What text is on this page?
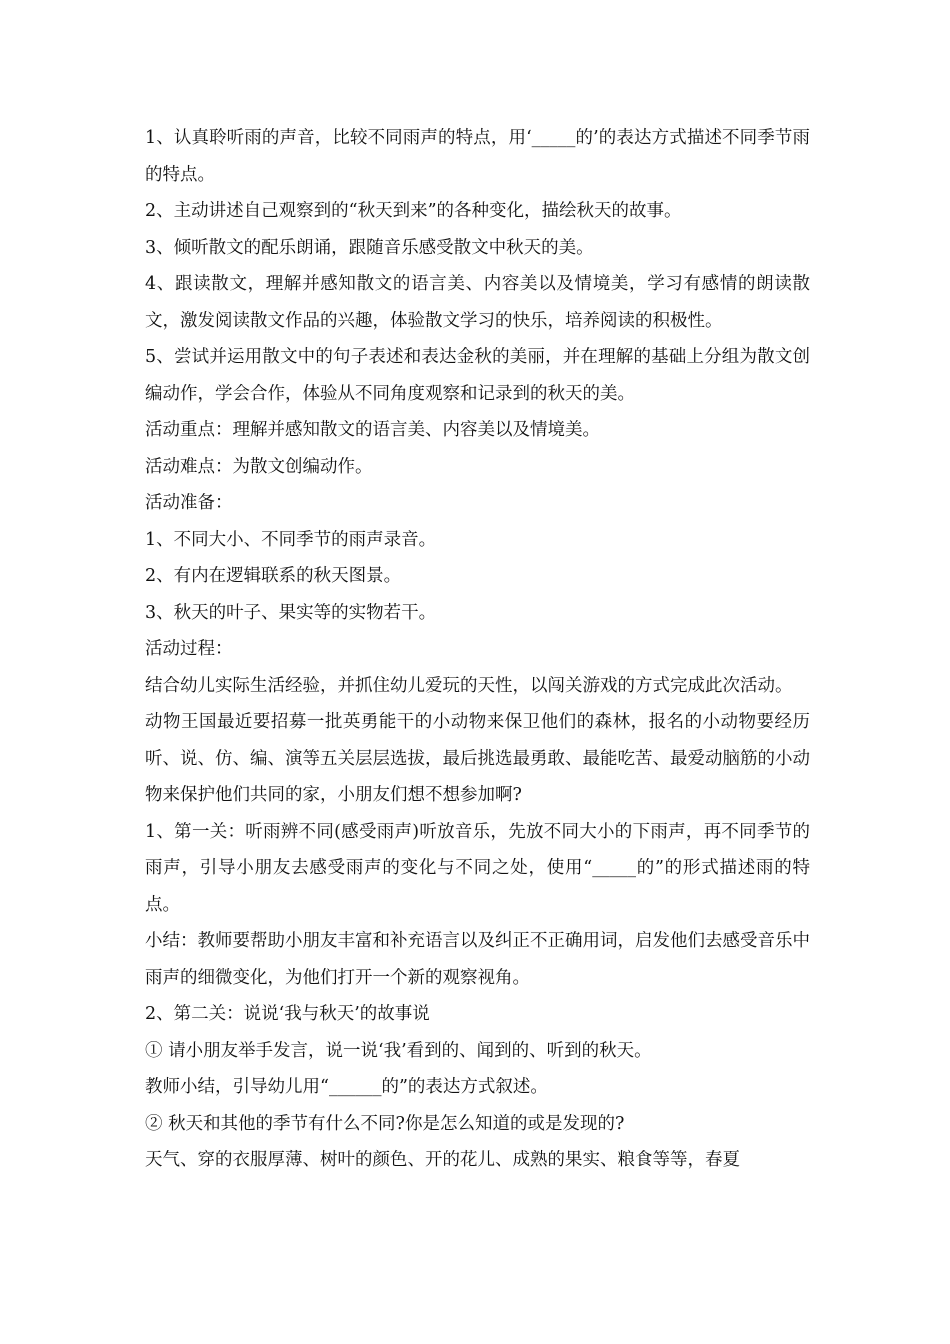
1、认真聆听雨的声音，比较不同雨声的特点，用‘_____的’的表达方式描述不同季节雨的特点。

2、主动讲述自己观察到的“秋天到来”的各种变化，描绘秋天的故事。

3、倾听散文的配乐朗诵，跟随音乐感受散文中秋天的美。

4、跟读散文，理解并感知散文的语言美、内容美以及情境美，学习有感情的朗读散文，激发阅读散文作品的兴趣，体验散文学习的快乐，培养阅读的积极性。

5、尝试并运用散文中的句子表述和表达金秋的美丽，并在理解的基础上分组为散文创编动作，学会合作，体验从不同角度观察和记录到的秋天的美。

活动重点：理解并感知散文的语言美、内容美以及情境美。

活动难点：为散文创编动作。

活动准备：

1、不同大小、不同季节的雨声录音。

2、有内在逻辑联系的秋天图景。

3、秋天的叶子、果实等的实物若干。

活动过程：

结合幼儿实际生活经验，并抓住幼儿爱玩的天性，以闯关游戏的方式完成此次活动。

动物王国最近要招募一批英勇能干的小动物来保卫他们的森林，报名的小动物要经历听、说、仿、编、演等五关层层选拔，最后挑选最勇敢、最能吃苦、最爱动脑筋的小动物来保护他们共同的家，小朋友们想不想参加啊?

1、第一关：听雨辨不同(感受雨声)听放音乐，先放不同大小的下雨声，再不同季节的雨声，引导小朋友去感受雨声的变化与不同之处，使用“_____的”的形式描述雨的特点。

小结：教师要帮助小朋友丰富和补充语言以及纠正不正确用词，启发他们去感受音乐中雨声的细微变化，为他们打开一个新的观察视角。

2、第二关：说说‘我与秋天’的故事说

① 请小朋友举手发言，说一说‘我’看到的、闻到的、听到的秋天。

教师小结，引导幼儿用“______的”的表达方式叙述。

② 秋天和其他的季节有什么不同?你是怎么知道的或是发现的?

天气、穿的衣服厚薄、树叶的颜色、开的花儿、成熟的果实、粮食等等，春夏
